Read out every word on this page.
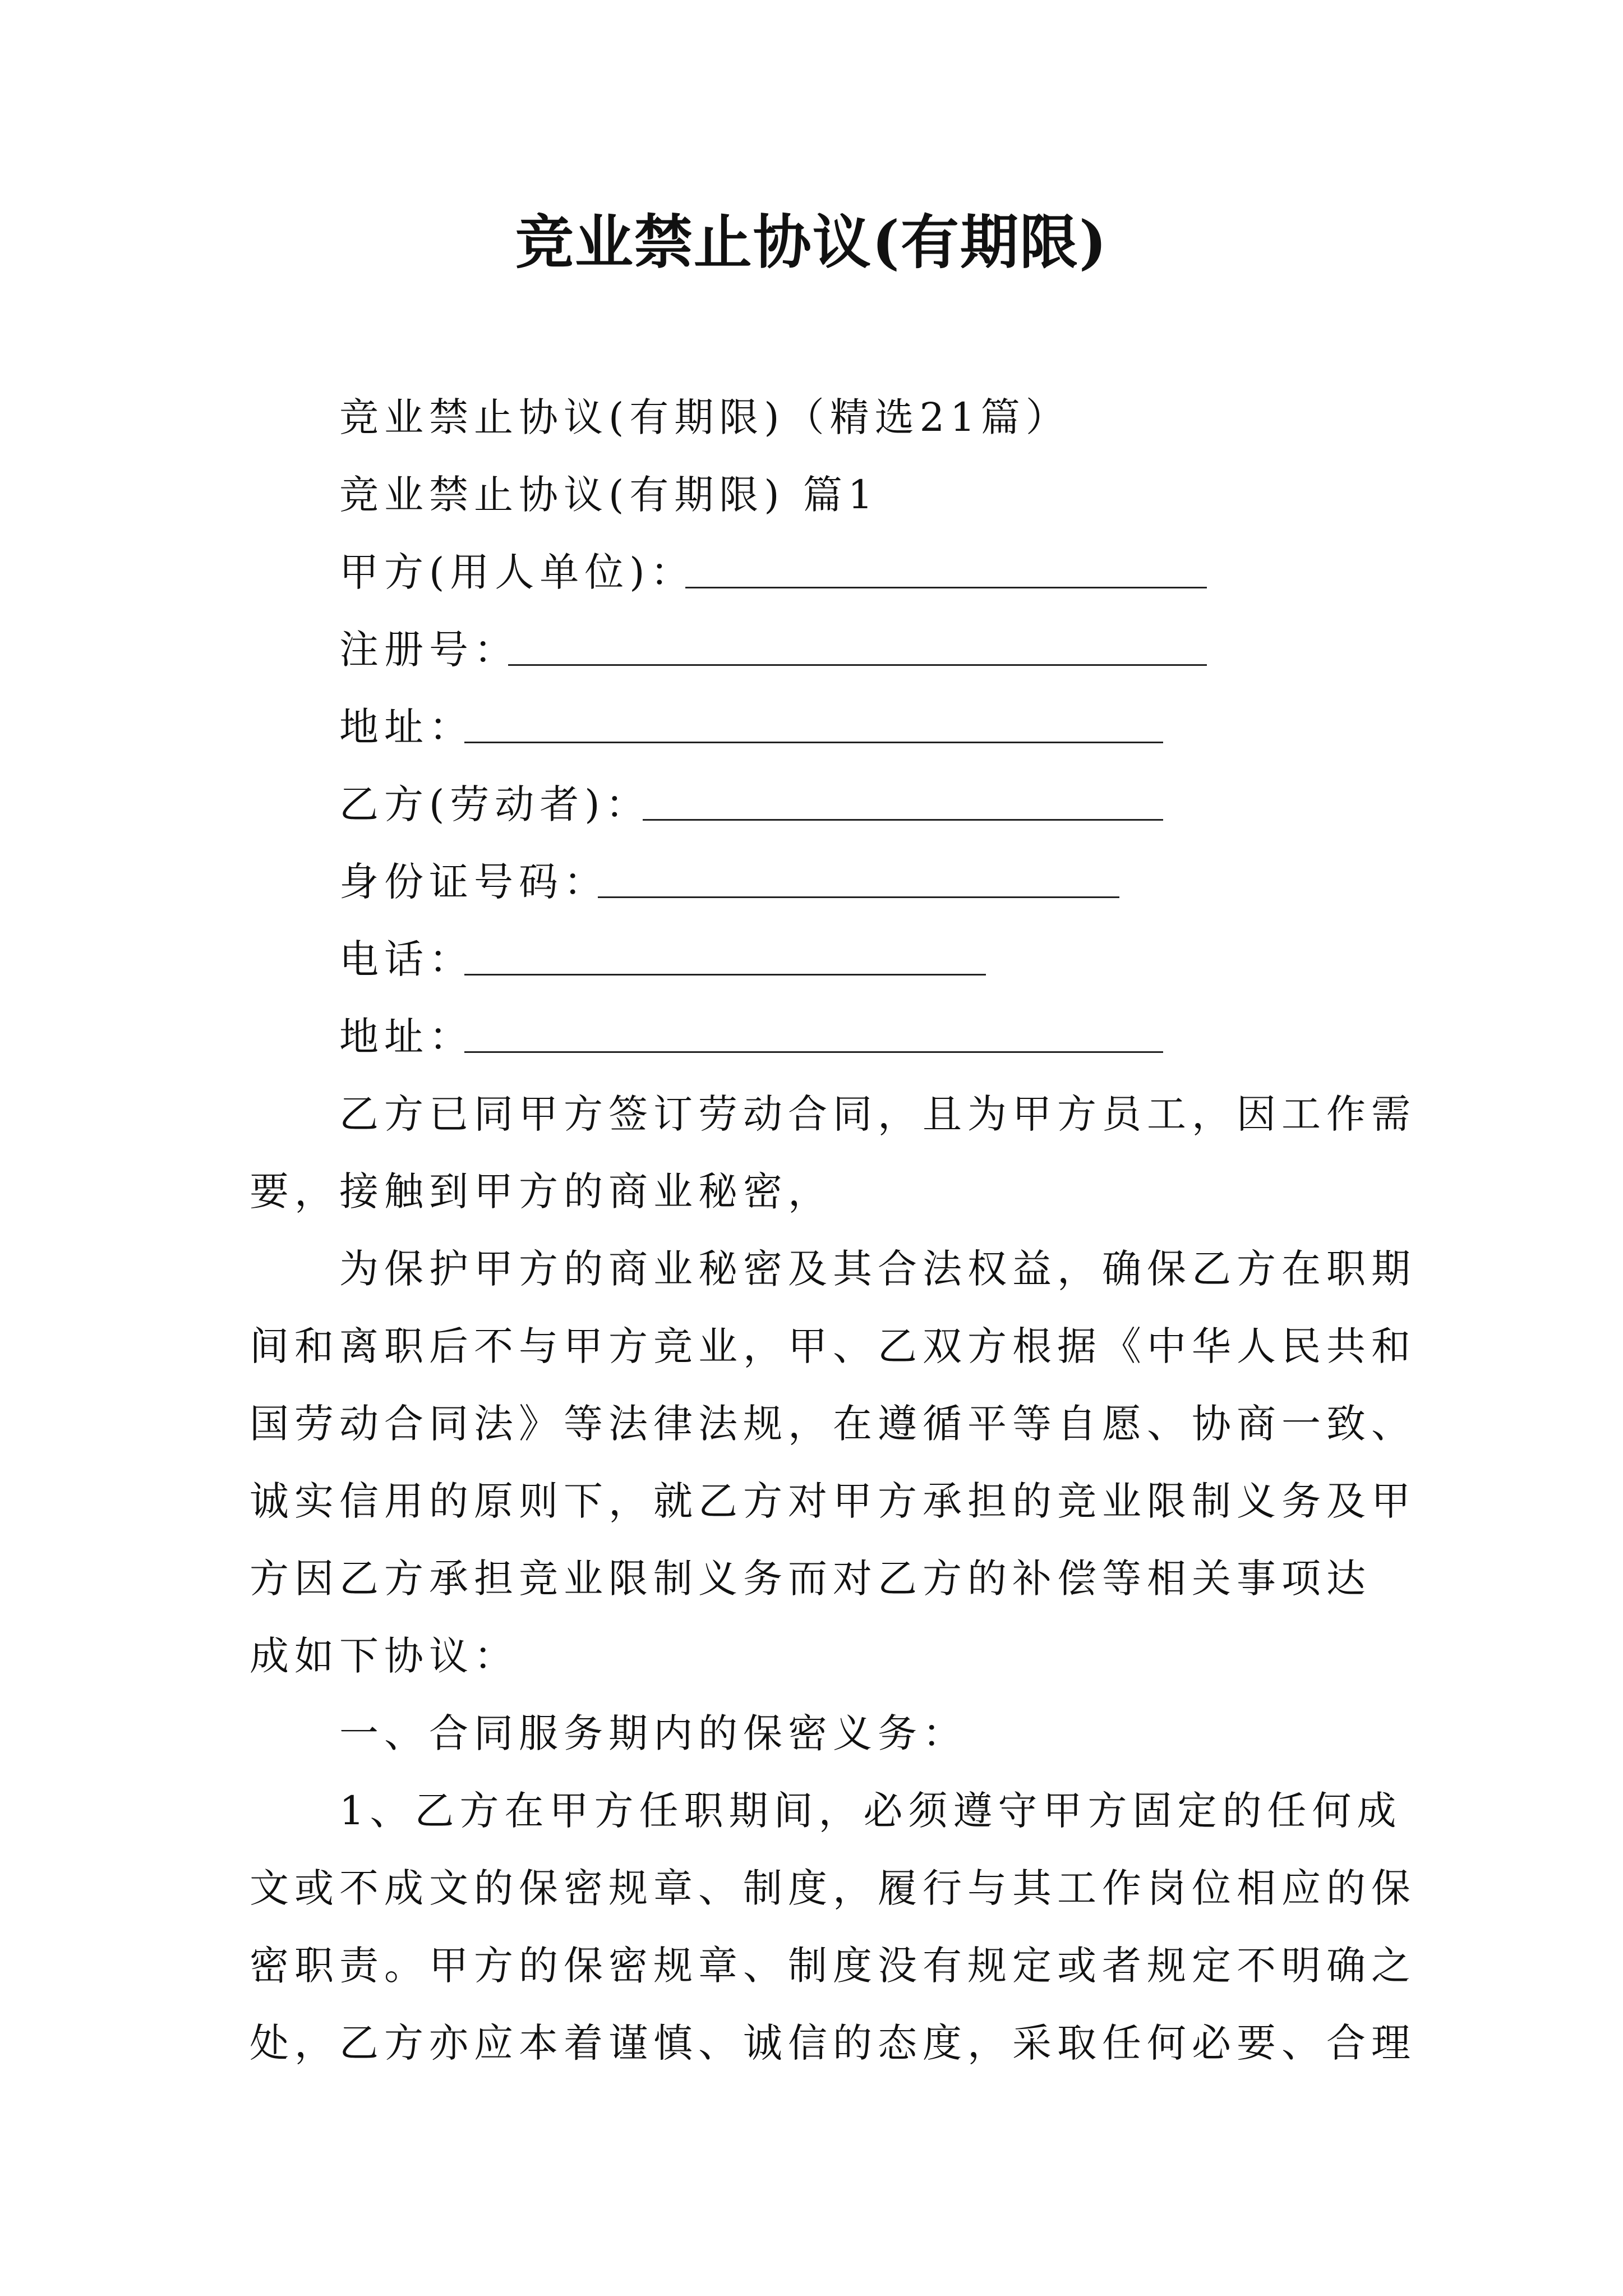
竞业禁止协议(有期限)
竞业禁止协议(有期限)（精选21篇）
竞业禁止协议(有期限) 篇1
甲方(用人单位)：
注册号：
地址：
乙方(劳动者)：
身份证号码：
电话：
地址：
乙方已同甲方签订劳动合同，且为甲方员工，因工作需
要，接触到甲方的商业秘密，
为保护甲方的商业秘密及其合法权益，确保乙方在职期
间和离职后不与甲方竞业，甲、乙双方根据《中华人民共和
国劳动合同法》等法律法规，在遵循平等自愿、协商一致、
诚实信用的原则下，就乙方对甲方承担的竞业限制义务及甲
方因乙方承担竞业限制义务而对乙方的补偿等相关事项达
成如下协议：
一、合同服务期内的保密义务：
1、乙方在甲方任职期间，必须遵守甲方固定的任何成
文或不成文的保密规章、制度，履行与其工作岗位相应的保
密职责。甲方的保密规章、制度没有规定或者规定不明确之
处，乙方亦应本着谨慎、诚信的态度，采取任何必要、合理
